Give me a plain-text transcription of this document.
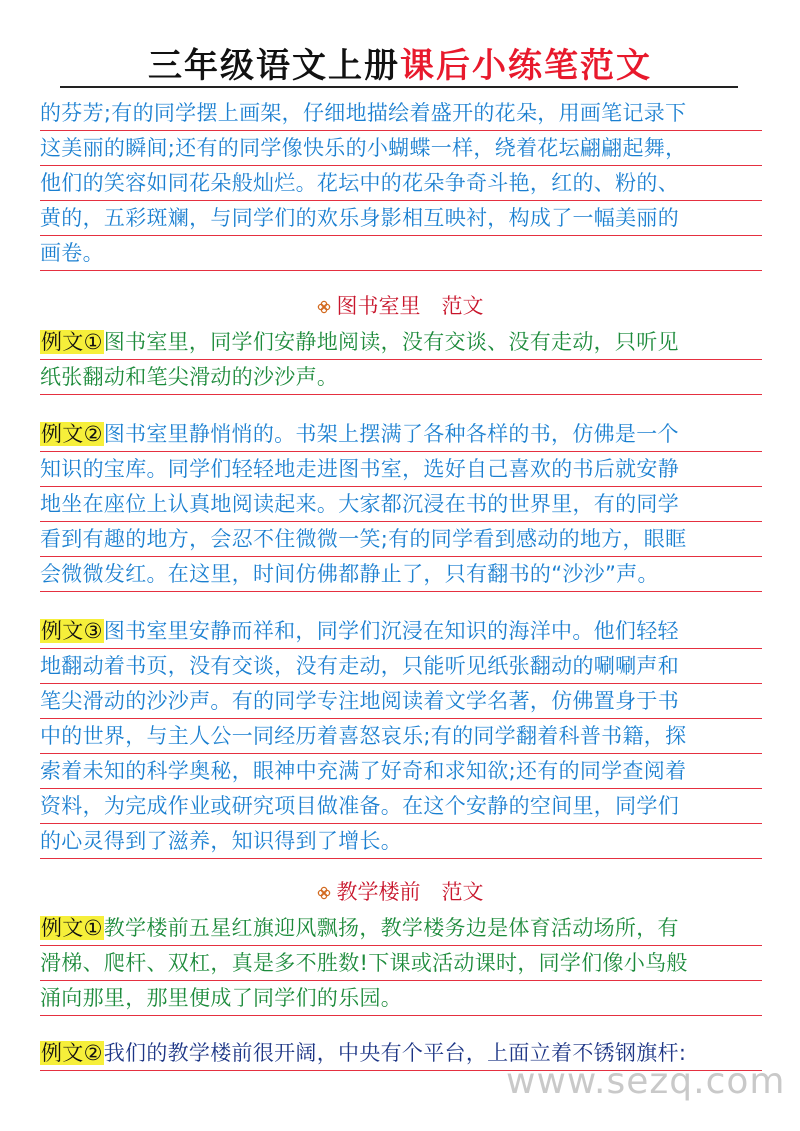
三年级语文上册课后小练笔范文
的芬芳;有的同学摆上画架，仔细地描绘着盛开的花朵，用画笔记录下
这美丽的瞬间;还有的同学像快乐的小蝴蝶一样，绕着花坛翩翩起舞，
他们的笑容如同花朵般灿烂。花坛中的花朵争奇斗艳，红的、粉的、
黄的，五彩斑斓，与同学们的欢乐身影相互映衬，构成了一幅美丽的
画卷。
图书室里　范文
例文①图书室里，同学们安静地阅读，没有交谈、没有走动，只听见
纸张翻动和笔尖滑动的沙沙声。
例文②图书室里静悄悄的。书架上摆满了各种各样的书，仿佛是一个
知识的宝库。同学们轻轻地走进图书室，选好自己喜欢的书后就安静
地坐在座位上认真地阅读起来。大家都沉浸在书的世界里，有的同学
看到有趣的地方，会忍不住微微一笑;有的同学看到感动的地方，眼眶
会微微发红。在这里，时间仿佛都静止了，只有翻书的“沙沙”声。
例文③图书室里安静而祥和，同学们沉浸在知识的海洋中。他们轻轻
地翻动着书页，没有交谈，没有走动，只能听见纸张翻动的唰唰声和
笔尖滑动的沙沙声。有的同学专注地阅读着文学名著，仿佛置身于书
中的世界，与主人公一同经历着喜怒哀乐;有的同学翻着科普书籍，探
索着未知的科学奥秘，眼神中充满了好奇和求知欲;还有的同学查阅着
资料，为完成作业或研究项目做准备。在这个安静的空间里，同学们
的心灵得到了滋养，知识得到了增长。
教学楼前　范文
例文①教学楼前五星红旗迎风飘扬，教学楼务边是体育活动场所，有
滑梯、爬杆、双杠，真是多不胜数!下课或活动课时，同学们像小鸟般
涌向那里，那里便成了同学们的乐园。
例文②我们的教学楼前很开阔，中央有个平台，上面立着不锈钢旗杆:
www.sezq.com
